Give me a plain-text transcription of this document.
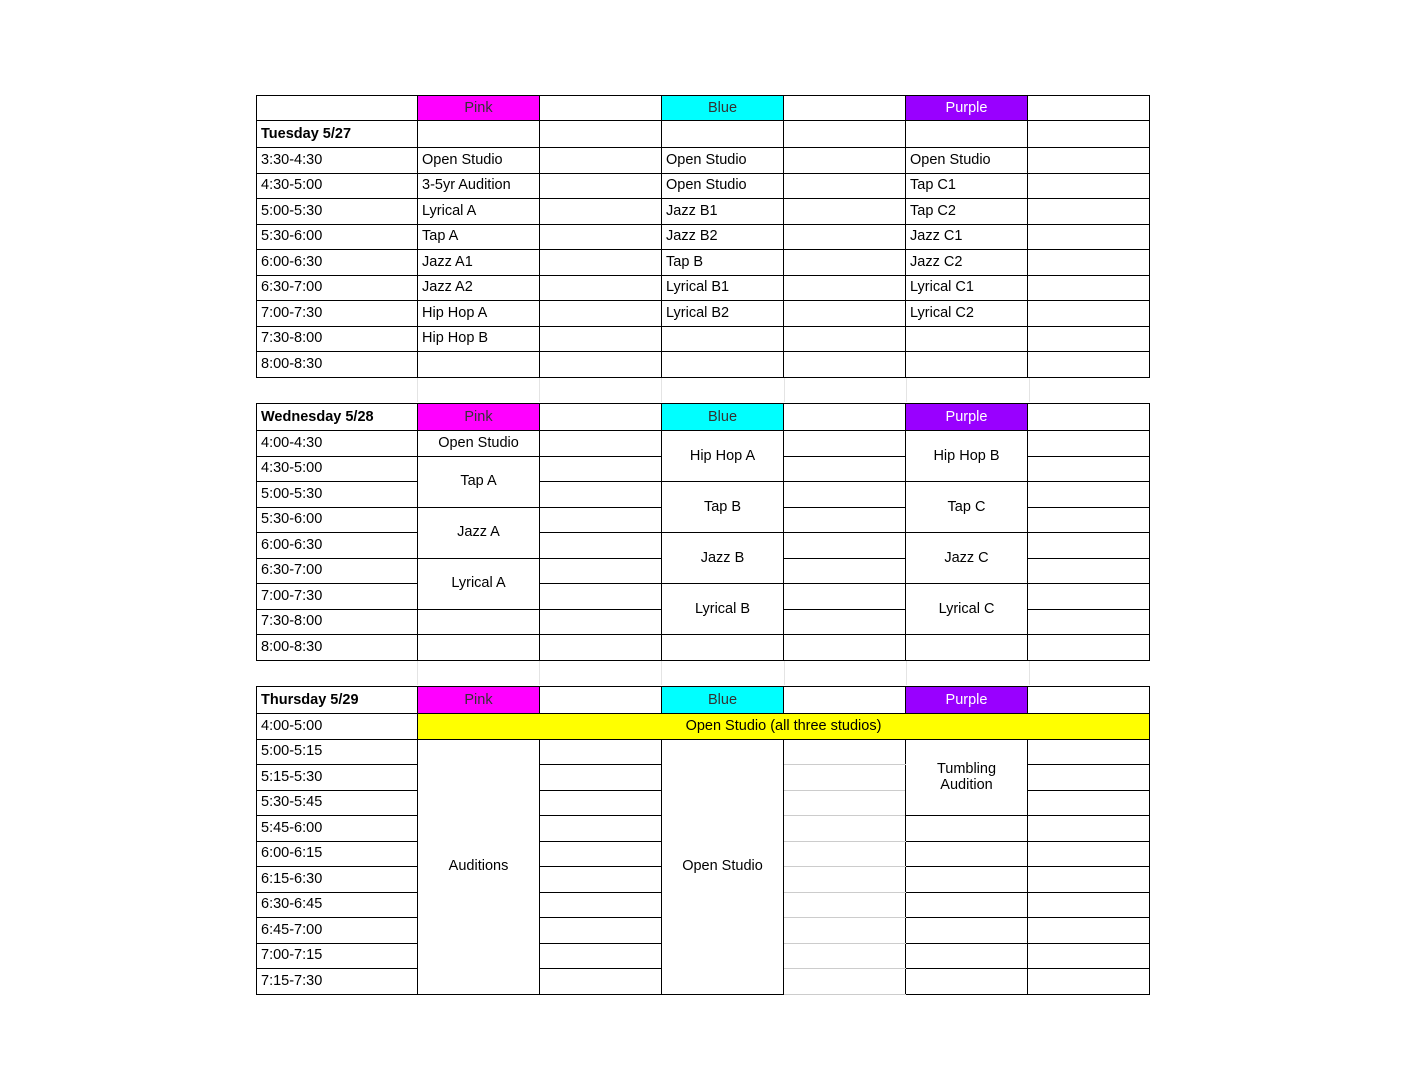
	Pink		Blue		Purple	
Tuesday 5/27						
3:30-4:30	Open Studio		Open Studio		Open Studio	
4:30-5:00	3-5yr Audition		Open Studio		Tap C1	
5:00-5:30	Lyrical A		Jazz B1		Tap C2	
5:30-6:00	Tap A		Jazz B2		Jazz C1	
6:00-6:30	Jazz A1		Tap B		Jazz C2	
6:30-7:00	Jazz A2		Lyrical B1		Lyrical C1	
7:00-7:30	Hip Hop A		Lyrical B2		Lyrical C2	
7:30-8:00	Hip Hop B					
8:00-8:30						
Wednesday 5/28	Pink		Blue		Purple	
4:00-4:30	Open Studio		Hip Hop A		Hip Hop B	
4:30-5:00	Tap A					
5:00-5:30			Tap B		Tap C	
5:30-6:00	Jazz A					
6:00-6:30			Jazz B		Jazz C	
6:30-7:00	Lyrical A					
7:00-7:30			Lyrical B		Lyrical C	
7:30-8:00						
8:00-8:30						
Thursday 5/29	Pink		Blue		Purple	
4:00-5:00	Open Studio (all three studios)					
5:00-5:15	Auditions		Open Studio		Tumbling
Audition	
5:15-5:30						
5:30-5:45						
5:45-6:00						
6:00-6:15						
6:15-6:30						
6:30-6:45						
6:45-7:00						
7:00-7:15						
7:15-7:30						
